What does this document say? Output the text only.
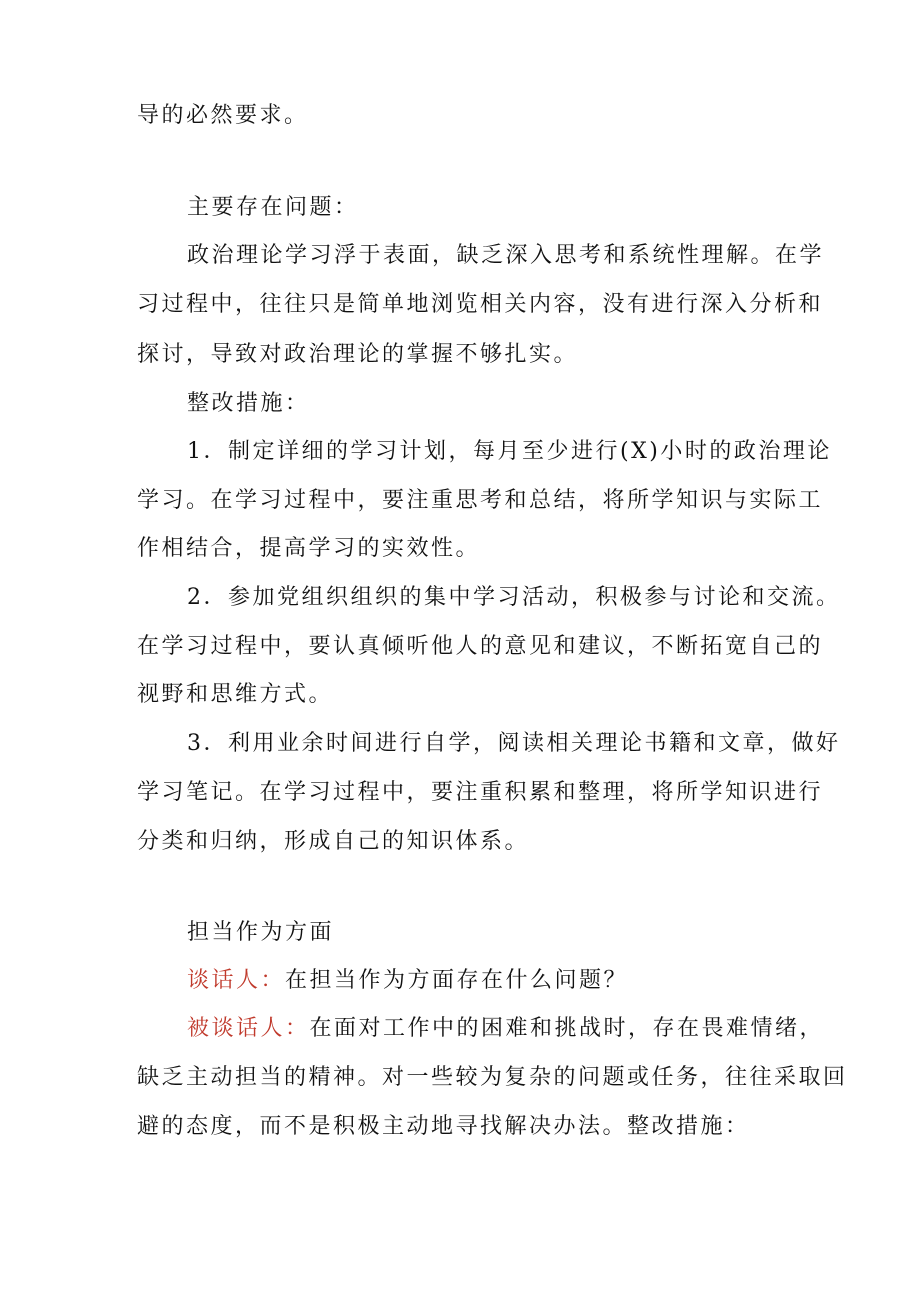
导的必然要求。
主要存在问题：
政治理论学习浮于表面，缺乏深入思考和系统性理解。在学
习过程中，往往只是简单地浏览相关内容，没有进行深入分析和
探讨，导致对政治理论的掌握不够扎实。
整改措施：
1．制定详细的学习计划，每月至少进行(X)小时的政治理论
学习。在学习过程中，要注重思考和总结，将所学知识与实际工
作相结合，提高学习的实效性。
2．参加党组织组织的集中学习活动，积极参与讨论和交流。
在学习过程中，要认真倾听他人的意见和建议，不断拓宽自己的
视野和思维方式。
3．利用业余时间进行自学，阅读相关理论书籍和文章，做好
学习笔记。在学习过程中，要注重积累和整理，将所学知识进行
分类和归纳，形成自己的知识体系。
担当作为方面
谈话人：在担当作为方面存在什么问题？
被谈话人：在面对工作中的困难和挑战时，存在畏难情绪，
缺乏主动担当的精神。对一些较为复杂的问题或任务，往往采取回
避的态度，而不是积极主动地寻找解决办法。整改措施：
